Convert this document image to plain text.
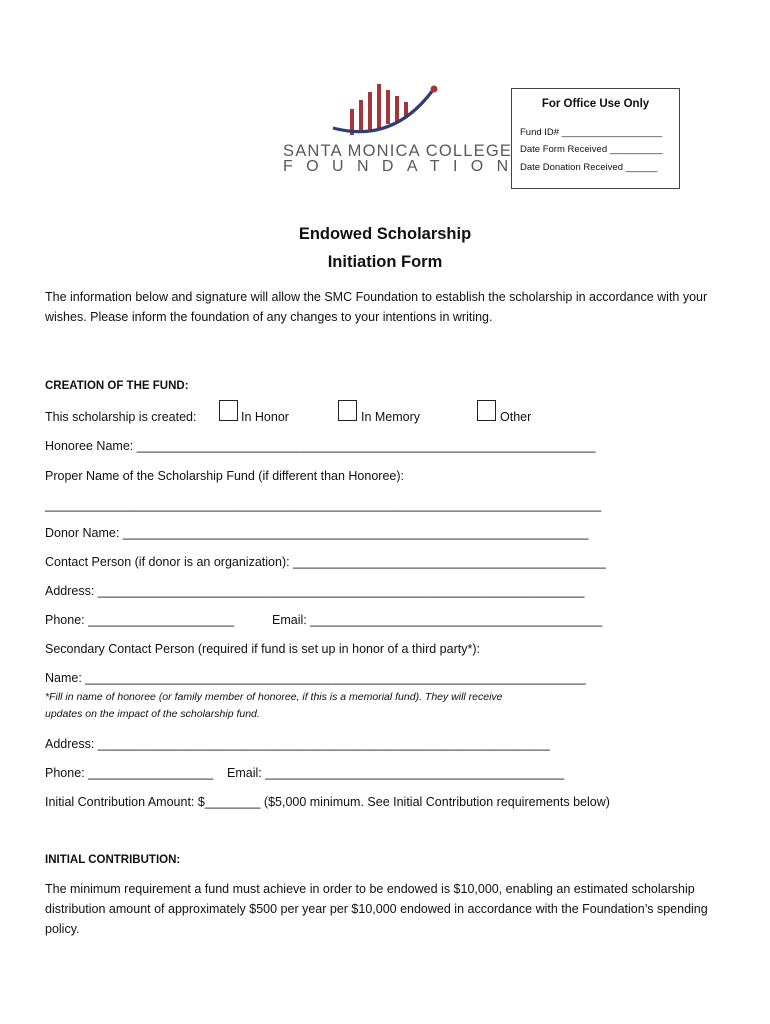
SANTA MONICA COLLEGE
FOUNDATION
For Office Use Only
Fund ID# ___________________
Date Form Received __________
Date Donation Received ______
Endowed Scholarship
Initiation Form
The information below and signature will allow the SMC Foundation to establish the scholarship in accordance with your wishes. Please inform the foundation of any changes to your intentions in writing.
CREATION OF THE FUND:
This scholarship is created:	In Honor	In Memory	Other
Honoree Name: __________________________________________________________________
Proper Name of the Scholarship Fund (if different than Honoree):
________________________________________________________________________________
Donor Name: ___________________________________________________________________
Contact Person (if donor is an organization): _____________________________________________
Address: ______________________________________________________________________
Phone: _____________________	Email: __________________________________________
Secondary Contact Person (required if fund is set up in honor of a third party*):
Name: ________________________________________________________________________
*Fill in name of honoree (or family member of honoree, if this is a memorial fund). They will receive
updates on the impact of the scholarship fund.
Address: _________________________________________________________________
Phone: __________________ Email: ___________________________________________
Initial Contribution Amount: $________ ($5,000 minimum. See Initial Contribution requirements below)
INITIAL CONTRIBUTION:
The minimum requirement a fund must achieve in order to be endowed is $10,000, enabling an estimated scholarship distribution amount of approximately $500 per year per $10,000 endowed in accordance with the Foundation’s spending policy.
